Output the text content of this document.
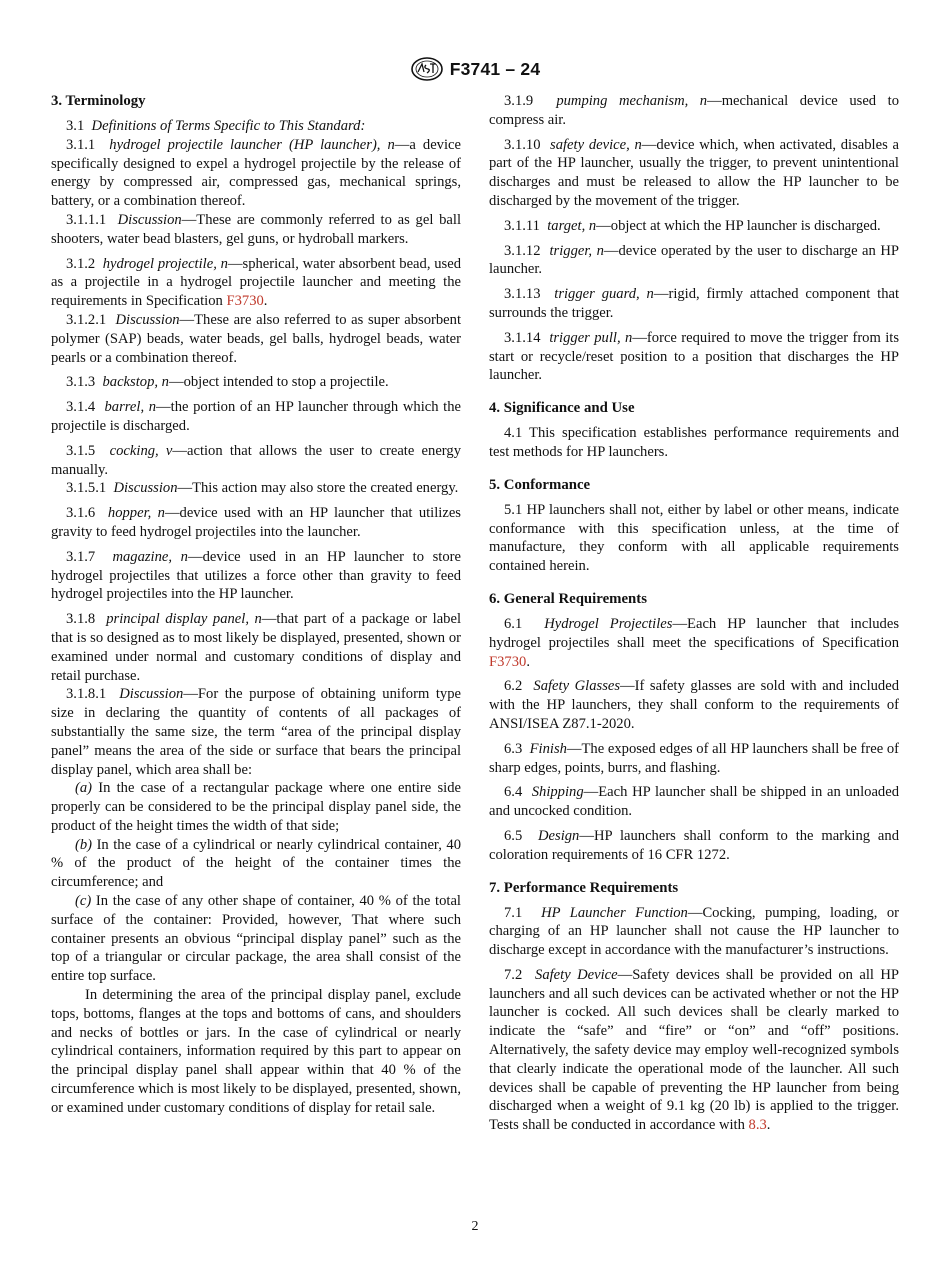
F3741 – 24
3. Terminology

3.1 Definitions of Terms Specific to This Standard:

3.1.1 hydrogel projectile launcher (HP launcher), n—a device specifically designed to expel a hydrogel projectile by the release of energy by compressed air, compressed gas, mechanical springs, battery, or a combination thereof.

3.1.1.1 Discussion—These are commonly referred to as gel ball shooters, water bead blasters, gel guns, or hydroball markers.

3.1.2 hydrogel projectile, n—spherical, water absorbent bead, used as a projectile in a hydrogel projectile launcher and meeting the requirements in Specification F3730.

3.1.2.1 Discussion—These are also referred to as super absorbent polymer (SAP) beads, water beads, gel balls, hydrogel beads, water pearls or a combination thereof.

3.1.3 backstop, n—object intended to stop a projectile.

3.1.4 barrel, n—the portion of an HP launcher through which the projectile is discharged.

3.1.5 cocking, v—action that allows the user to create energy manually.

3.1.5.1 Discussion—This action may also store the created energy.

3.1.6 hopper, n—device used with an HP launcher that utilizes gravity to feed hydrogel projectiles into the launcher.

3.1.7 magazine, n—device used in an HP launcher to store hydrogel projectiles that utilizes a force other than gravity to feed hydrogel projectiles into the HP launcher.

3.1.8 principal display panel, n—that part of a package or label that is so designed as to most likely be displayed, presented, shown or examined under normal and customary conditions of display and retail purchase.

3.1.8.1 Discussion—For the purpose of obtaining uniform type size in declaring the quantity of contents of all packages of substantially the same size, the term “area of the principal display panel” means the area of the side or surface that bears the principal display panel, which area shall be:

(a) In the case of a rectangular package where one entire side properly can be considered to be the principal display panel side, the product of the height times the width of that side;

(b) In the case of a cylindrical or nearly cylindrical container, 40 % of the product of the height of the container times the circumference; and

(c) In the case of any other shape of container, 40 % of the total surface of the container: Provided, however, That where such container presents an obvious “principal display panel” such as the top of a triangular or circular package, the area shall consist of the entire top surface.

In determining the area of the principal display panel, exclude tops, bottoms, flanges at the tops and bottoms of cans, and shoulders and necks of bottles or jars. In the case of cylindrical or nearly cylindrical containers, information required by this part to appear on the principal display panel shall appear within that 40 % of the circumference which is most likely to be displayed, presented, shown, or examined under customary conditions of display for retail sale.

3.1.9 pumping mechanism, n—mechanical device used to compress air.

3.1.10 safety device, n—device which, when activated, disables a part of the HP launcher, usually the trigger, to prevent unintentional discharges and must be released to allow the HP launcher to be discharged by the movement of the trigger.

3.1.11 target, n—object at which the HP launcher is discharged.

3.1.12 trigger, n—device operated by the user to discharge an HP launcher.

3.1.13 trigger guard, n—rigid, firmly attached component that surrounds the trigger.

3.1.14 trigger pull, n—force required to move the trigger from its start or recycle/reset position to a position that discharges the HP launcher.

4. Significance and Use

4.1 This specification establishes performance requirements and test methods for HP launchers.

5. Conformance

5.1 HP launchers shall not, either by label or other means, indicate conformance with this specification unless, at the time of manufacture, they conform with all applicable requirements contained herein.

6. General Requirements

6.1 Hydrogel Projectiles—Each HP launcher that includes hydrogel projectiles shall meet the specifications of Specification F3730.

6.2 Safety Glasses—If safety glasses are sold with and included with the HP launchers, they shall conform to the requirements of ANSI/ISEA Z87.1-2020.

6.3 Finish—The exposed edges of all HP launchers shall be free of sharp edges, points, burrs, and flashing.

6.4 Shipping—Each HP launcher shall be shipped in an unloaded and uncocked condition.

6.5 Design—HP launchers shall conform to the marking and coloration requirements of 16 CFR 1272.

7. Performance Requirements

7.1 HP Launcher Function—Cocking, pumping, loading, or charging of an HP launcher shall not cause the HP launcher to discharge except in accordance with the manufacturer’s instructions.

7.2 Safety Device—Safety devices shall be provided on all HP launchers and all such devices can be activated whether or not the HP launcher is cocked. All such devices shall be clearly marked to indicate the “safe” and “fire” or “on” and “off” positions. Alternatively, the safety device may employ well-recognized symbols that clearly indicate the operational mode of the launcher. All such devices shall be capable of preventing the HP launcher from being discharged when a weight of 9.1 kg (20 lb) is applied to the trigger. Tests shall be conducted in accordance with 8.3.

2
